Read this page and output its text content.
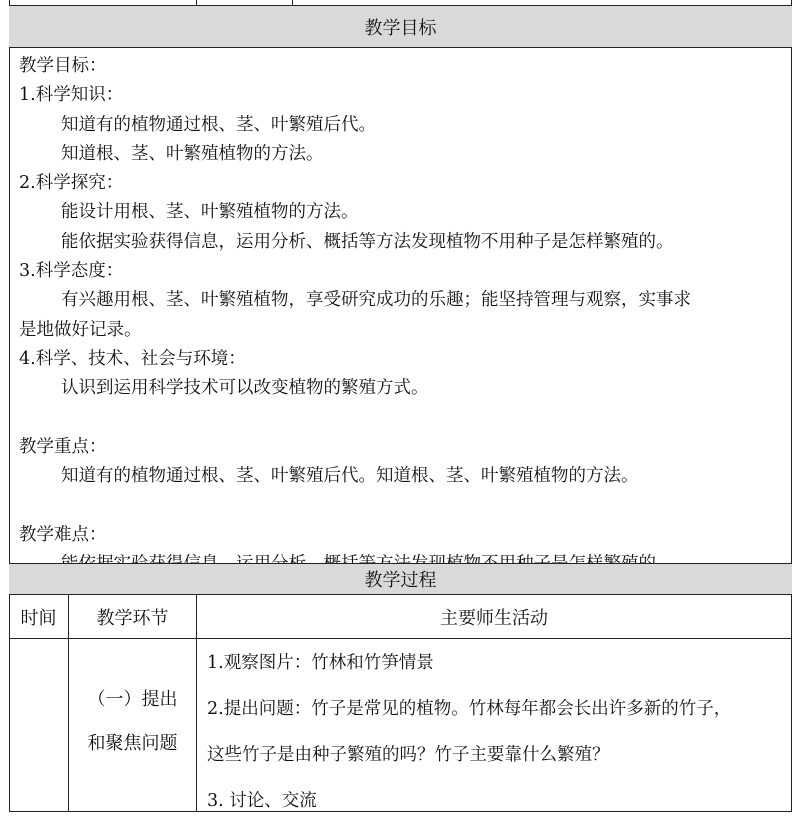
教学目标

教学目标：

1.科学知识：

知道有的植物通过根、茎、叶繁殖后代。

知道根、茎、叶繁殖植物的方法。

2.科学探究：

能设计用根、茎、叶繁殖植物的方法。

能依据实验获得信息，运用分析、概括等方法发现植物不用种子是怎样繁殖的。

3.科学态度：

有兴趣用根、茎、叶繁殖植物，享受研究成功的乐趣；能坚持管理与观察，实事求

是地做好记录。

4.科学、技术、社会与环境：

认识到运用科学技术可以改变植物的繁殖方式。

教学重点：

知道有的植物通过根、茎、叶繁殖后代。知道根、茎、叶繁殖植物的方法。

教学难点：

教学过程
时间 教学环节	主要师生活动

（一）提出

和聚焦问题

1.观察图片：竹林和竹笋情景

2.提出问题：竹子是常见的植物。竹林每年都会长出许多新的竹子，

这些竹子是由种子繁殖的吗？竹子主要靠什么繁殖？

3. 讨论、交流
